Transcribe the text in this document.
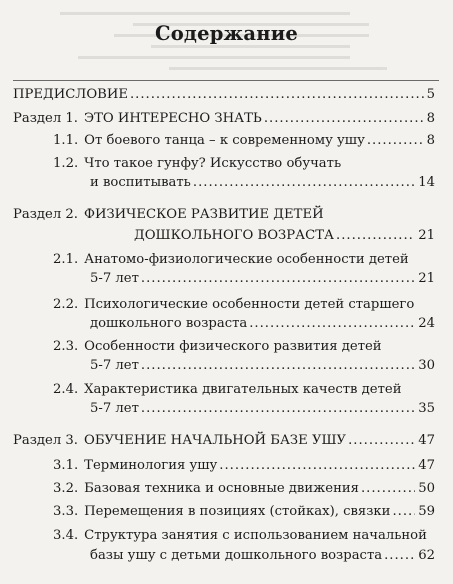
Содержание
ПРЕДИСЛОВИЕ .....	5
Раздел 1. ЭТО ИНТЕРЕСНО ЗНАТЬ .....	8
1.1. От боевого танца – к современному ушу .....	8
1.2. Что такое гунфу? Искусство обучать
и воспитывать .....	14
Раздел 2. ФИЗИЧЕСКОЕ РАЗВИТИЕ ДЕТЕЙ
ДОШКОЛЬНОГО ВОЗРАСТА .....	21
2.1. Анатомо-физиологические особенности детей
5-7 лет .....	21
2.2. Психологические особенности детей старшего
дошкольного возраста .....	24
2.3. Особенности физического развития детей
5-7 лет .....	30
2.4. Характеристика двигательных качеств детей
5-7 лет .....	35
Раздел 3. ОБУЧЕНИЕ НАЧАЛЬНОЙ БАЗЕ УШУ .....	47
3.1. Терминология ушу .....	47
3.2. Базовая техника и основные движения .....	50
3.3. Перемещения в позициях (стойках), связки ..... 59
3.4. Структура занятия с использованием начальной
базы ушу с детьми дошкольного возраста .....	62
